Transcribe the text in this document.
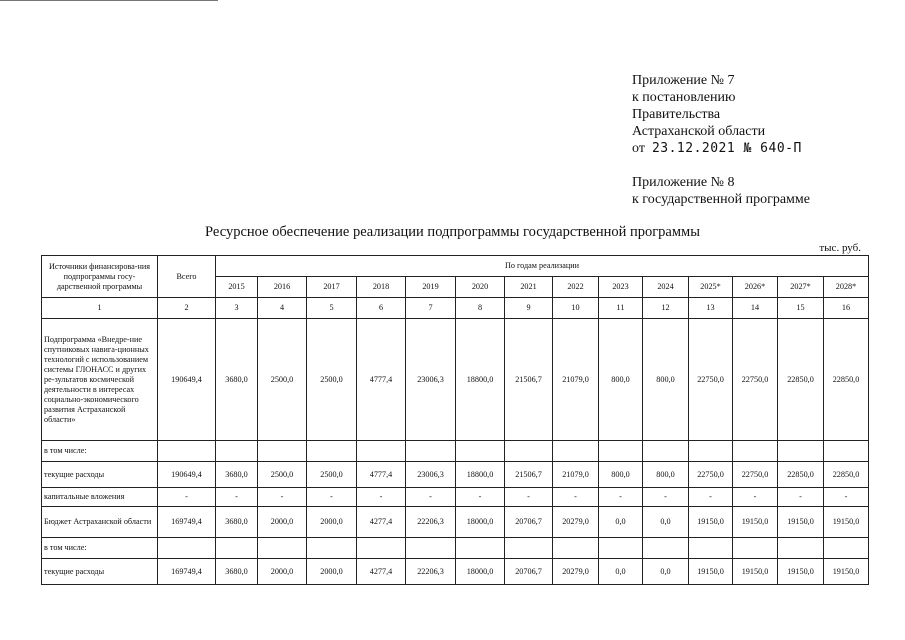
Приложение № 7
к постановлению
Правительства
Астраханской области
от 23.12.2021 № 640-П
Приложение № 8
к государственной программе
Ресурсное обеспечение реализации подпрограммы государственной программы
тыс. руб.
Источники финансирова-ния подпрограммы госу-дарственной программы	Всего	По годам реализации													
		2015	2016	2017	2018	2019	2020	2021	2022	2023	2024	2025*	2026*	2027*	2028*
1	2	3	4	5	6	7	8	9	10	11	12	13	14	15	16
Подпрограмма «Внедре-ние спутниковых навига-ционных технологий с использованием системы ГЛОНАСС и других ре-зультатов космической деятельности в интересах социально-экономического развития Астраханской области»	190649,4	3680,0	2500,0	2500,0	4777,4	23006,3	18800,0	21506,7	21079,0	800,0	800,0	22750,0	22750,0	22850,0	22850,0
в том числе:															
текущие расходы	190649,4	3680,0	2500,0	2500,0	4777,4	23006,3	18800,0	21506,7	21079,0	800,0	800,0	22750,0	22750,0	22850,0	22850,0
капитальные вложения	-	-	-	-	-	-	-	-	-	-	-	-	-	-	-
Бюджет Астраханской области	169749,4	3680,0	2000,0	2000,0	4277,4	22206,3	18000,0	20706,7	20279,0	0,0	0,0	19150,0	19150,0	19150,0	19150,0
в том числе:															
текущие расходы	169749,4	3680,0	2000,0	2000,0	4277,4	22206,3	18000,0	20706,7	20279,0	0,0	0,0	19150,0	19150,0	19150,0	19150,0
